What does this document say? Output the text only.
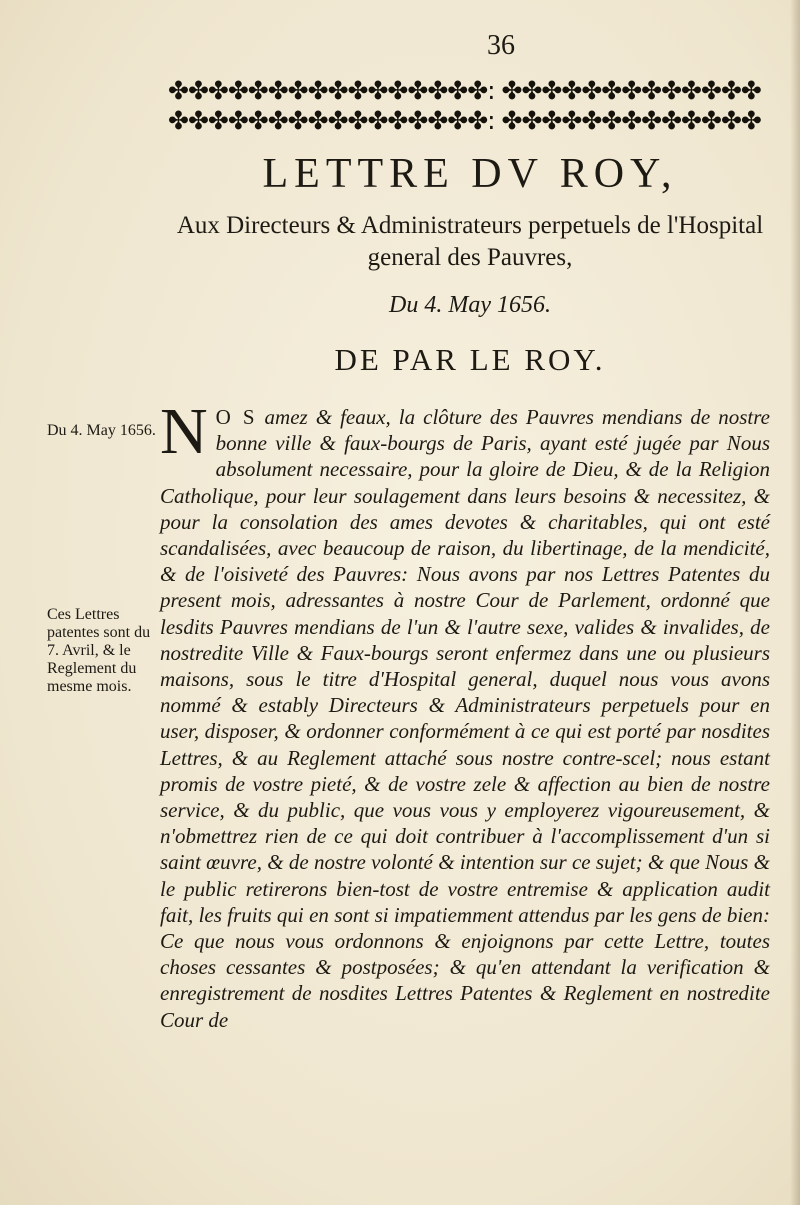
36
✤✤✤✤✤✤✤✤✤✤✤✤✤✤✤✤: ✤✤✤✤✤✤✤✤✤✤✤✤✤
✤✤✤✤✤✤✤✤✤✤✤✤✤✤✤✤: ✤✤✤✤✤✤✤✤✤✤✤✤✤
LETTRE DV ROY,
Aux Directeurs & Administrateurs perpetuels de l'Hospital general des Pauvres,
Du 4. May 1656.
DE PAR LE ROY.
Du 4. May 1656.
Ces Lettres patentes sont du 7. Avril, & le Reglement du mesme mois.
N O S amez & feaux, la clôture des Pauvres mendians de nostre bonne ville & faux-bourgs de Paris, ayant esté jugée par Nous absolument necessaire, pour la gloire de Dieu, & de la Religion Catholique, pour leur soulagement dans leurs besoins & necessitez, & pour la consolation des ames devotes & charitables, qui ont esté scandalisées, avec beaucoup de raison, du libertinage, de la mendicité, & de l'oisiveté des Pauvres: Nous avons par nos Lettres Patentes du present mois, adressantes à nostre Cour de Parlement, ordonné que lesdits Pauvres mendians de l'un & l'autre sexe, valides & invalides, de nostredite Ville & Faux-bourgs seront enfermez dans une ou plusieurs maisons, sous le titre d'Hospital general, duquel nous vous avons nommé & estably Directeurs & Administrateurs perpetuels pour en user, disposer, & ordonner conformément à ce qui est porté par nosdites Lettres, & au Reglement attaché sous nostre contre-scel; nous estant promis de vostre pieté, & de vostre zele & affection au bien de nostre service, & du public, que vous vous y employerez vigoureusement, & n'obmettrez rien de ce qui doit contribuer à l'accomplissement d'un si saint œuvre, & de nostre volonté & intention sur ce sujet; & que Nous & le public retirerons bien-tost de vostre entremise & application audit fait, les fruits qui en sont si impatiemment attendus par les gens de bien: Ce que nous vous ordonnons & enjoignons par cette Lettre, toutes choses cessantes & postposées; & qu'en attendant la verification & enregistrement de nosdites Lettres Patentes & Reglement en nostredite Cour de
